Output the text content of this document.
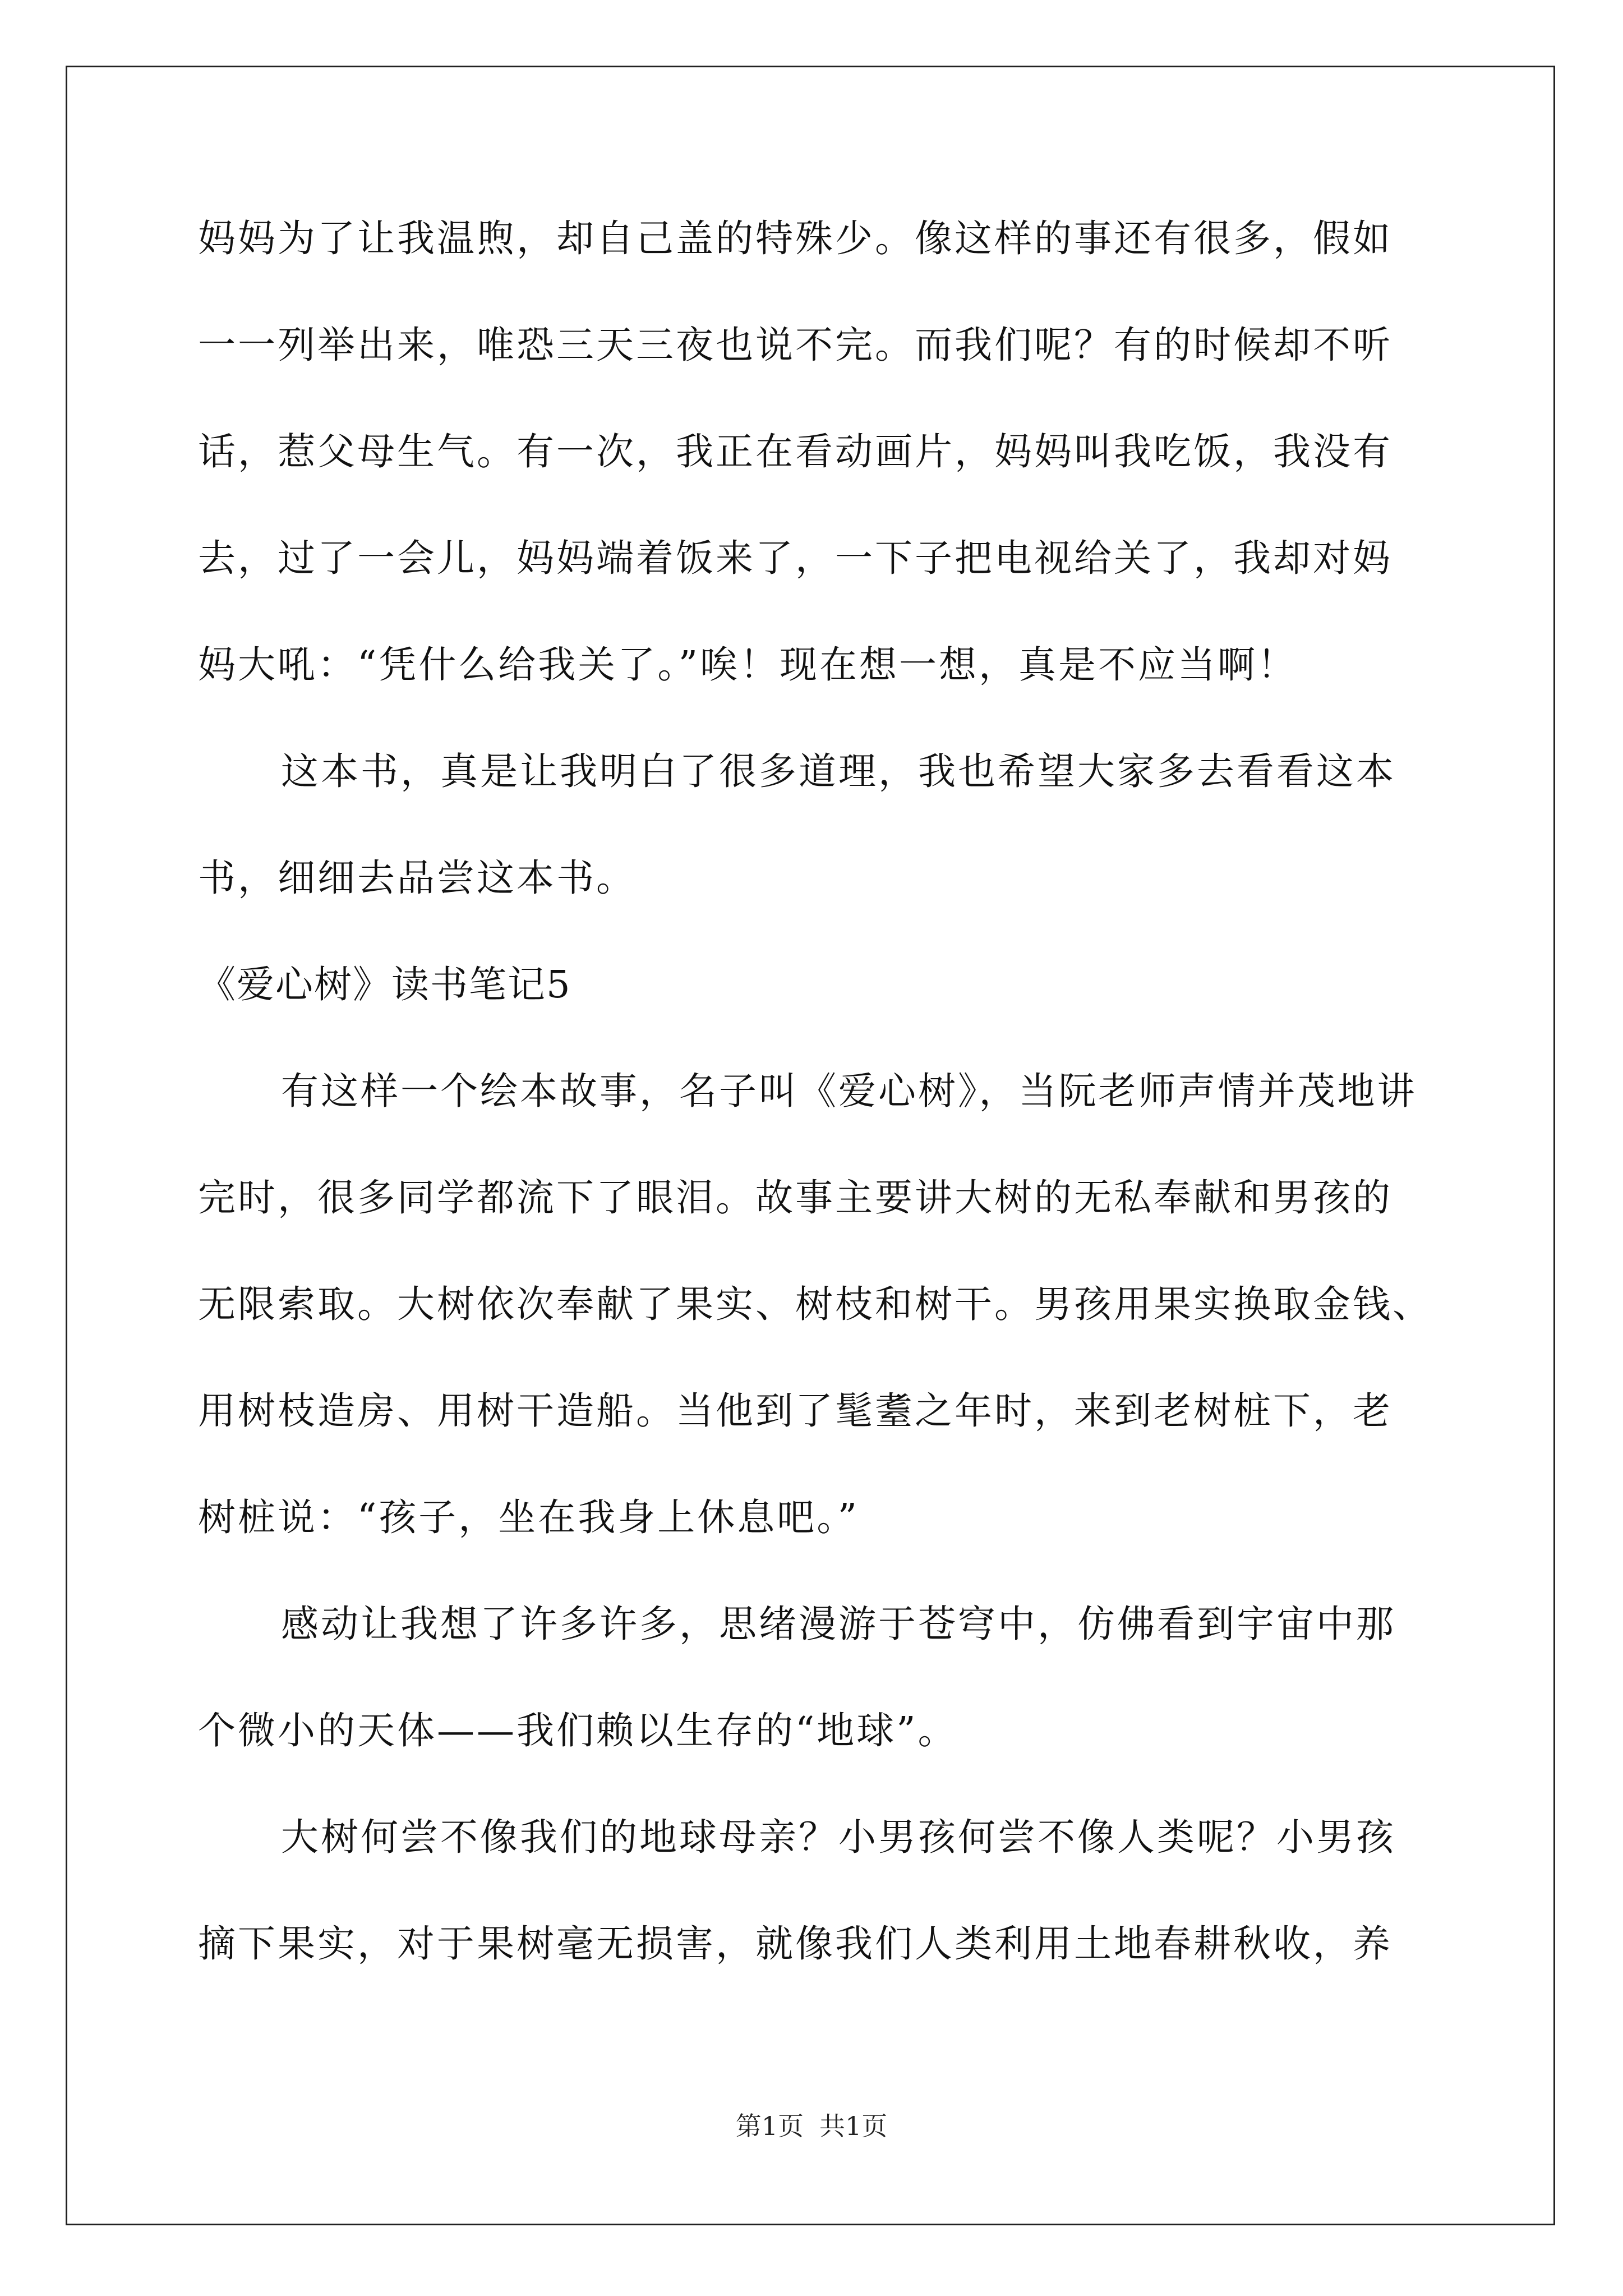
妈妈为了让我温煦，却自己盖的特殊少。像这样的事还有很多，假如
一一列举出来，唯恐三天三夜也说不完。而我们呢？有的时候却不听
话，惹父母生气。有一次，我正在看动画片，妈妈叫我吃饭，我没有
去，过了一会儿，妈妈端着饭来了，一下子把电视给关了，我却对妈
妈大吼：“凭什么给我关了。”唉！现在想一想，真是不应当啊！
这本书，真是让我明白了很多道理，我也希望大家多去看看这本
书，细细去品尝这本书。
《爱心树》读书笔记5
有这样一个绘本故事，名子叫《爱心树》，当阮老师声情并茂地讲
完时，很多同学都流下了眼泪。故事主要讲大树的无私奉献和男孩的
无限索取。大树依次奉献了果实、树枝和树干。男孩用果实换取金钱、
用树枝造房、用树干造船。当他到了髦耋之年时，来到老树桩下，老
树桩说：“孩子，坐在我身上休息吧。”
感动让我想了许多许多，思绪漫游于苍穹中，仿佛看到宇宙中那
个微小的天体——我们赖以生存的“地球”。
大树何尝不像我们的地球母亲？小男孩何尝不像人类呢？小男孩
摘下果实，对于果树毫无损害，就像我们人类利用土地春耕秋收，养
第1页 共1页
